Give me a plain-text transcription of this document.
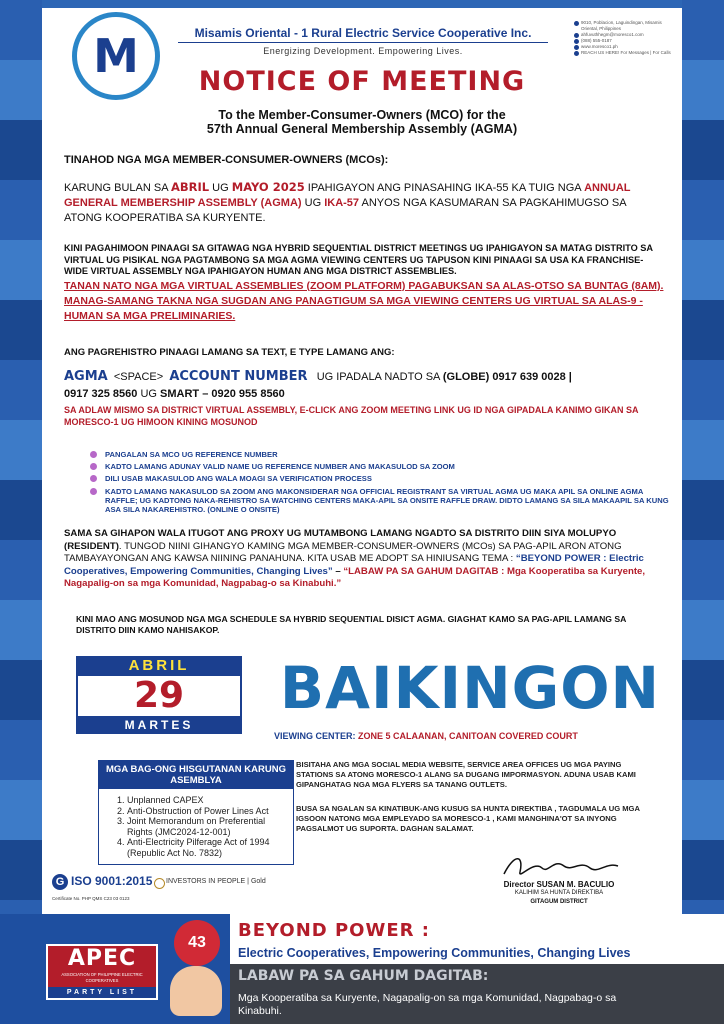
M	Misamis Oriental - 1 Rural Electric Service Cooperative Inc.
Energizing Development. Empowering Lives.
9010, Poblacion, Laguindingan, Misamis Oriental, Philippines
ahfuvuthhegm@moresco1.com
(088) 555-0187
www.moresco1.ph
REACH US HERE! For Messages | For Calls
NOTICE OF MEETING
To the Member-Consumer-Owners (MCO) for the
57th Annual General Membership Assembly (AGMA)
TINAHOD NGA MGA MEMBER-CONSUMER-OWNERS (MCOs):
KARUNG BULAN SA ABRIL UG MAYO 2025 IPAHIGAYON ANG PINASAHING IKA-55 KA TUIG NGA ANNUAL GENERAL MEMBERSHIP ASSEMBLY (AGMA) UG IKA-57 ANYOS NGA KASUMARAN SA PAGKAHIMUGSO SA ATONG KOOPERATIBA SA KURYENTE.
KINI PAGAHIMOON PINAAGI SA GITAWAG NGA HYBRID SEQUENTIAL DISTRICT MEETINGS UG IPAHIGAYON SA MATAG DISTRITO SA VIRTUAL UG PISIKAL NGA PAGTAMBONG SA MGA AGMA VIEWING CENTERS UG TAPUSON KINI PINAAGI SA USA KA FRANCHISE-WIDE VIRTUAL ASSEMBLY NGA IPAHIGAYON HUMAN ANG MGA DISTRICT ASSEMBLIES.
TANAN NATO NGA MGA VIRTUAL ASSEMBLIES (ZOOM PLATFORM) PAGABUKSAN SA ALAS-OTSO SA BUNTAG (8AM). MANAG-SAMANG TAKNA NGA SUGDAN ANG PANAGTIGUM SA MGA VIEWING CENTERS UG VIRTUAL SA ALAS-9 - HUMAN SA MGA PRELIMINARIES.
ANG PAGREHISTRO PINAAGI LAMANG SA TEXT, E TYPE LAMANG ANG:
AGMA <SPACE> ACCOUNT NUMBER UG IPADALA NADTO SA (GLOBE) 0917 639 0028 |
0917 325 8560 UG SMART – 0920 955 8560
SA ADLAW MISMO SA DISTRICT VIRTUAL ASSEMBLY, E-CLICK ANG ZOOM MEETING LINK UG ID NGA GIPADALA KANIMO GIKAN SA MORESCO-1 UG HIMOON KINING MOSUNOD
PANGALAN SA MCO UG REFERENCE NUMBER
KADTO LAMANG ADUNAY VALID NAME UG REFERENCE NUMBER ANG MAKASULOD SA ZOOM
DILI USAB MAKASULOD ANG WALA MOAGI SA VERIFICATION PROCESS
KADTO LAMANG NAKASULOD SA ZOOM ANG MAKONSIDERAR NGA OFFICIAL REGISTRANT SA VIRTUAL AGMA UG MAKA APIL SA ONLINE AGMA RAFFLE; UG KADTONG NAKA-REHISTRO SA WATCHING CENTERS MAKA-APIL SA ONSITE RAFFLE DRAW. DIDTO LAMANG SA SILA MAKAAPIL SA KUNG ASA SILA NAKAREHISTRO. (ONLINE O ONSITE)
SAMA SA GIHAPON WALA ITUGOT ANG PROXY UG MUTAMBONG LAMANG NGADTO SA DISTRITO DIIN SIYA MOLUPYO (RESIDENT). TUNGOD NIINI GIHANGYO KAMING MGA MEMBER-CONSUMER-OWNERS (MCOs) SA PAG-APIL ARON ATONG TAMBAYAYONGAN ANG KAWSA NIINING PANAHUNA. KITA USAB ME ADOPT SA HINIUSANG TEMA : “BEYOND POWER : Electric Cooperatives, Empowering Communities, Changing Lives” – “LABAW PA SA GAHUM DAGITAB : Mga Kooperatiba sa Kuryente, Nagapalig-on sa mga Komunidad, Nagpabag-o sa Kinabuhi.”
KINI MAO ANG MOSUNOD NGA MGA SCHEDULE SA HYBRID SEQUENTIAL DISICT AGMA. GIAGHAT KAMO SA PAG-APIL LAMANG SA DISTRITO DIIN KAMO NAHISAKOP.
ABRIL
29
MARTES
BAIKINGON
VIEWING CENTER: ZONE 5 CALAANAN, CANITOAN COVERED COURT
MGA BAG-ONG HISGUTANAN KARUNG ASEMBLYA
1. Unplanned CAPEX
2. Anti-Obstruction of Power Lines Act
3. Joint Memorandum on Preferential Rights (JMC2024-12-001)
4. Anti-Electricity Pilferage Act of 1994 (Republic Act No. 7832)
BISITAHA ANG MGA SOCIAL MEDIA WEBSITE, SERVICE AREA OFFICES UG MGA PAYING STATIONS SA ATONG MORESCO-1 ALANG SA DUGANG IMPORMASYON. ADUNA USAB KAMI GIPANGHATAG NGA MGA FLYERS SA TANANG OUTLETS.
BUSA SA NGALAN SA KINATIBUK-ANG KUSUG SA HUNTA DIREKTIBA , TAGDUMALA UG MGA IGSOON NATONG MGA EMPLEYADO SA MORESCO-1 , KAMI MANGHINA'OT SA INYONG PAGSALMOT UG SUPORTA. DAGHAN SALAMAT.
Director SUSAN M. BACULIO
KALIHIM SA HUNTA DIREKTIBA
GITAGUM DISTRICT
G ISO 9001:2015
Certificate No. PHP QMS C23 03 0123
INVESTORS IN PEOPLE | Gold
APEC
ASSOCIATION OF PHILIPPINE ELECTRIC COOPERATIVES
PARTY LIST
43
BEYOND POWER :
Electric Cooperatives, Empowering Communities, Changing Lives
LABAW PA SA GAHUM DAGITAB:
Mga Kooperatiba sa Kuryente, Nagapalig-on sa mga Komunidad, Nagpabag-o sa Kinabuhi.
